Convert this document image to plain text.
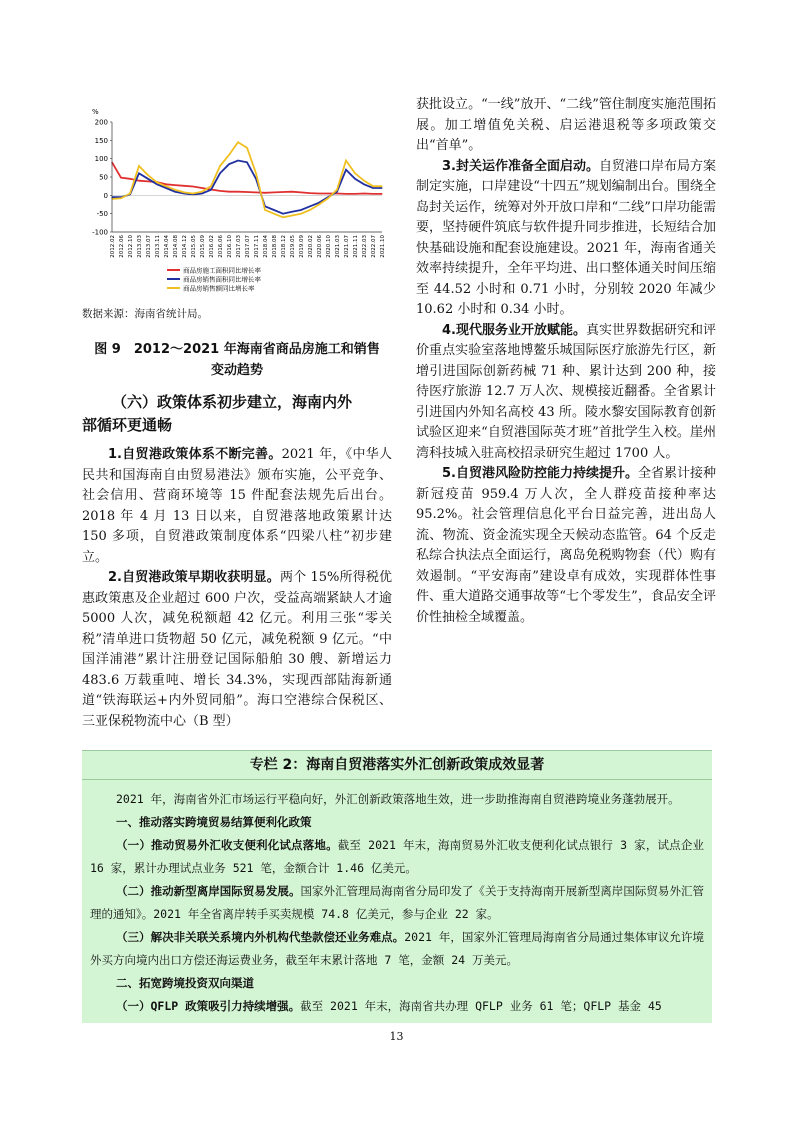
%
200
150
100
50
0
-50
-100
2012.02 2012.06 2012.10 2013.03 2013.07 2013.11 2014.04 2014.08 2014.12 2015.05 2015.09 2016.02 2016.06 2016.10 2017.03 2017.07 2017.11 2018.04 2018.08 2018.12 2019.05 2019.09 2020.02 2020.06 2020.10 2021.03 2021.07 2021.11 2022.03 2022.07 2021.10
商品房施工面积同比增长率
商品房销售面积同比增长率
商品房销售额同比增长率
数据来源：海南省统计局。
图 9　2012～2021 年海南省商品房施工和销售
变动趋势
（六）政策体系初步建立，海南内外
部循环更通畅

1.自贸港政策体系不断完善。2021 年，《中华人民共和国海南自由贸易港法》颁布实施，公平竞争、社会信用、营商环境等 15 件配套法规先后出台。2018 年 4 月 13 日以来，自贸港落地政策累计达 150 多项，自贸港政策制度体系“四梁八柱”初步建立。

2.自贸港政策早期收获明显。两个 15%所得税优惠政策惠及企业超过 600 户次，受益高端紧缺人才逾 5000 人次，减免税额超 42 亿元。利用三张“零关税”清单进口货物超 50 亿元，减免税额 9 亿元。“中国洋浦港”累计注册登记国际船舶 30 艘、新增运力 483.6 万载重吨、增长 34.3%，实现西部陆海新通道“铁海联运+内外贸同船”。海口空港综合保税区、三亚保税物流中心（B 型）

获批设立。“一线”放开、“二线”管住制度实施范围拓展。加工增值免关税、启运港退税等多项政策交出“首单”。

3.封关运作准备全面启动。自贸港口岸布局方案制定实施，口岸建设“十四五”规划编制出台。围绕全岛封关运作，统筹对外开放口岸和“二线”口岸功能需要，坚持硬件筑底与软件提升同步推进，长短结合加快基础设施和配套设施建设。2021 年，海南省通关效率持续提升，全年平均进、出口整体通关时间压缩至 44.52 小时和 0.71 小时，分别较 2020 年减少 10.62 小时和 0.34 小时。

4.现代服务业开放赋能。真实世界数据研究和评价重点实验室落地博鳌乐城国际医疗旅游先行区，新增引进国际创新药械 71 种、累计达到 200 种，接待医疗旅游 12.7 万人次、规模接近翻番。全省累计引进国内外知名高校 43 所。陵水黎安国际教育创新试验区迎来“自贸港国际英才班”首批学生入校。崖州湾科技城入驻高校招录研究生超过 1700 人。

5.自贸港风险防控能力持续提升。全省累计接种新冠疫苗 959.4 万人次，全人群疫苗接种率达 95.2%。社会管理信息化平台日益完善，进出岛人流、物流、资金流实现全天候动态监管。64 个反走私综合执法点全面运行，离岛免税购物套（代）购有效遏制。“平安海南”建设卓有成效，实现群体性事件、重大道路交通事故等“七个零发生”，食品安全评价性抽检全域覆盖。

专栏 2：海南自贸港落实外汇创新政策成效显著

2021 年，海南省外汇市场运行平稳向好，外汇创新政策落地生效，进一步助推海南自贸港跨境业务蓬勃展开。

一、推动落实跨境贸易结算便利化政策

（一）推动贸易外汇收支便利化试点落地。截至 2021 年末，海南贸易外汇收支便利化试点银行 3 家，试点企业 16 家，累计办理试点业务 521 笔，金额合计 1.46 亿美元。

（二）推动新型离岸国际贸易发展。国家外汇管理局海南省分局印发了《关于支持海南开展新型离岸国际贸易外汇管理的通知》。2021 年全省离岸转手买卖规模 74.8 亿美元，参与企业 22 家。

（三）解决非关联关系境内外机构代垫款偿还业务难点。2021 年，国家外汇管理局海南省分局通过集体审议允许境外买方向境内出口方偿还海运费业务，截至年末累计落地 7 笔，金额 24 万美元。

二、拓宽跨境投资双向渠道

（一）QFLP 政策吸引力持续增强。截至 2021 年末，海南省共办理 QFLP 业务 61 笔；QFLP 基金 45

13
